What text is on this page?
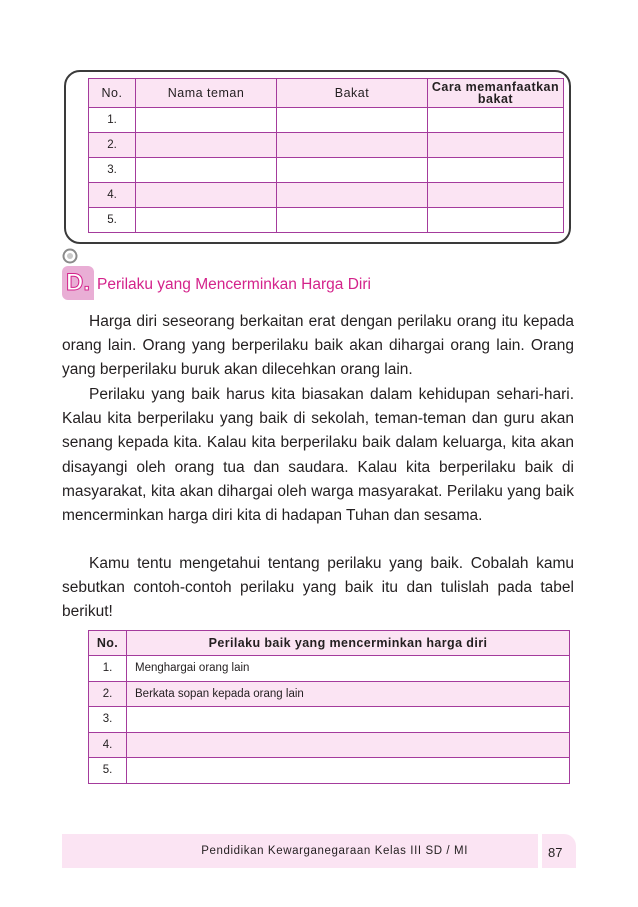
No.	Nama teman	Bakat	Cara memanfaatkan bakat
1.			
2.			
3.			
4.			
5.			
D. Perilaku yang Mencerminkan Harga Diri
Harga diri seseorang berkaitan erat dengan perilaku orang itu kepada orang lain. Orang yang berperilaku baik akan dihargai orang lain. Orang yang berperilaku buruk akan dilecehkan orang lain.
Perilaku yang baik harus kita biasakan dalam kehidupan sehari-hari. Kalau kita berperilaku yang baik di sekolah, teman-teman dan guru akan senang kepada kita. Kalau kita berperilaku baik dalam keluarga, kita akan disayangi oleh orang tua dan saudara. Kalau kita berperilaku baik di masyarakat, kita akan dihargai oleh warga masyarakat. Perilaku yang baik mencerminkan harga diri kita di hadapan Tuhan dan sesama.
Kamu tentu mengetahui tentang perilaku yang baik. Cobalah kamu sebutkan contoh-contoh perilaku yang baik itu dan tulislah pada tabel berikut!
No.	Perilaku baik yang mencerminkan harga diri
1.	Menghargai orang lain
2.	Berkata sopan kepada orang lain
3.	
4.	
5.	
Pendidikan Kewarganegaraan Kelas III SD / MI	87
